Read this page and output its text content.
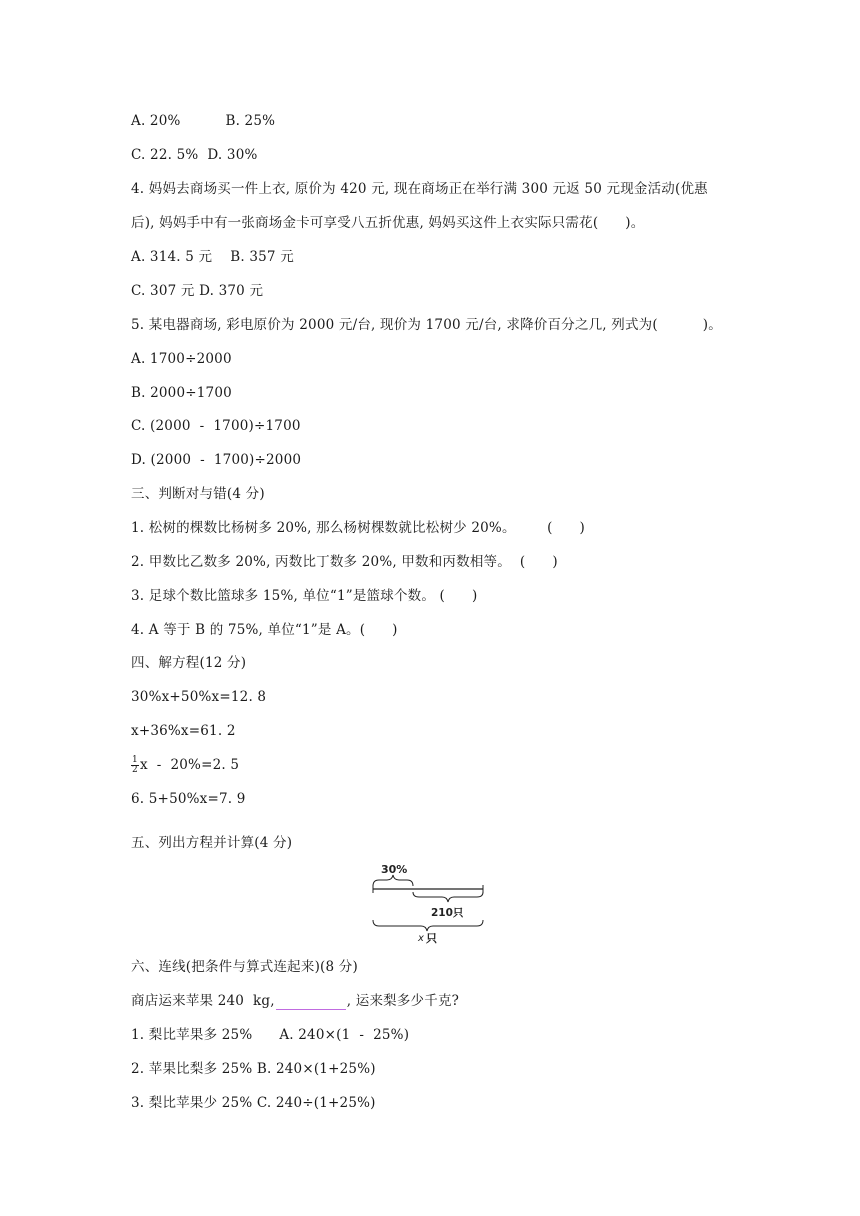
A. 20%          B. 25%
C. 22. 5%  D. 30%
4. 妈妈去商场买一件上衣, 原价为 420 元, 现在商场正在举行满 300 元返 50 元现金活动(优惠
后), 妈妈手中有一张商场金卡可享受八五折优惠, 妈妈买这件上衣实际只需花(      )。
A. 314. 5 元    B. 357 元
C. 307 元 D. 370 元
5. 某电器商场, 彩电原价为 2000 元/台, 现价为 1700 元/台, 求降价百分之几, 列式为(          )。
A. 1700÷2000
B. 2000÷1700
C. (2000  -  1700)÷1700
D. (2000  -  1700)÷2000
三、判断对与错(4 分)
1. 松树的棵数比杨树多 20%, 那么杨树棵数就比松树少 20%。       (      )
2. 甲数比乙数多 20%, 丙数比丁数多 20%, 甲数和丙数相等。  (      )
3. 足球个数比篮球多 15%, 单位“1”是篮球个数。 (      )
4. A 等于 B 的 75%, 单位“1”是 A。(      )
四、解方程(12 分)
30%x+50%x=12. 8
x+36%x=61. 2
$\frac{1}{2}$ x  -  20%=2. 5
6. 5+50%x=7. 9
五、列出方程并计算(4 分)
30%
210只
x 只
六、连线(把条件与算式连起来)(8 分)
商店运来苹果 240  kg,	, 运来梨多少千克?
1. 梨比苹果多 25%      A. 240×(1  -  25%)
2. 苹果比梨多 25% B. 240×(1+25%)
3. 梨比苹果少 25% C. 240÷(1+25%)
